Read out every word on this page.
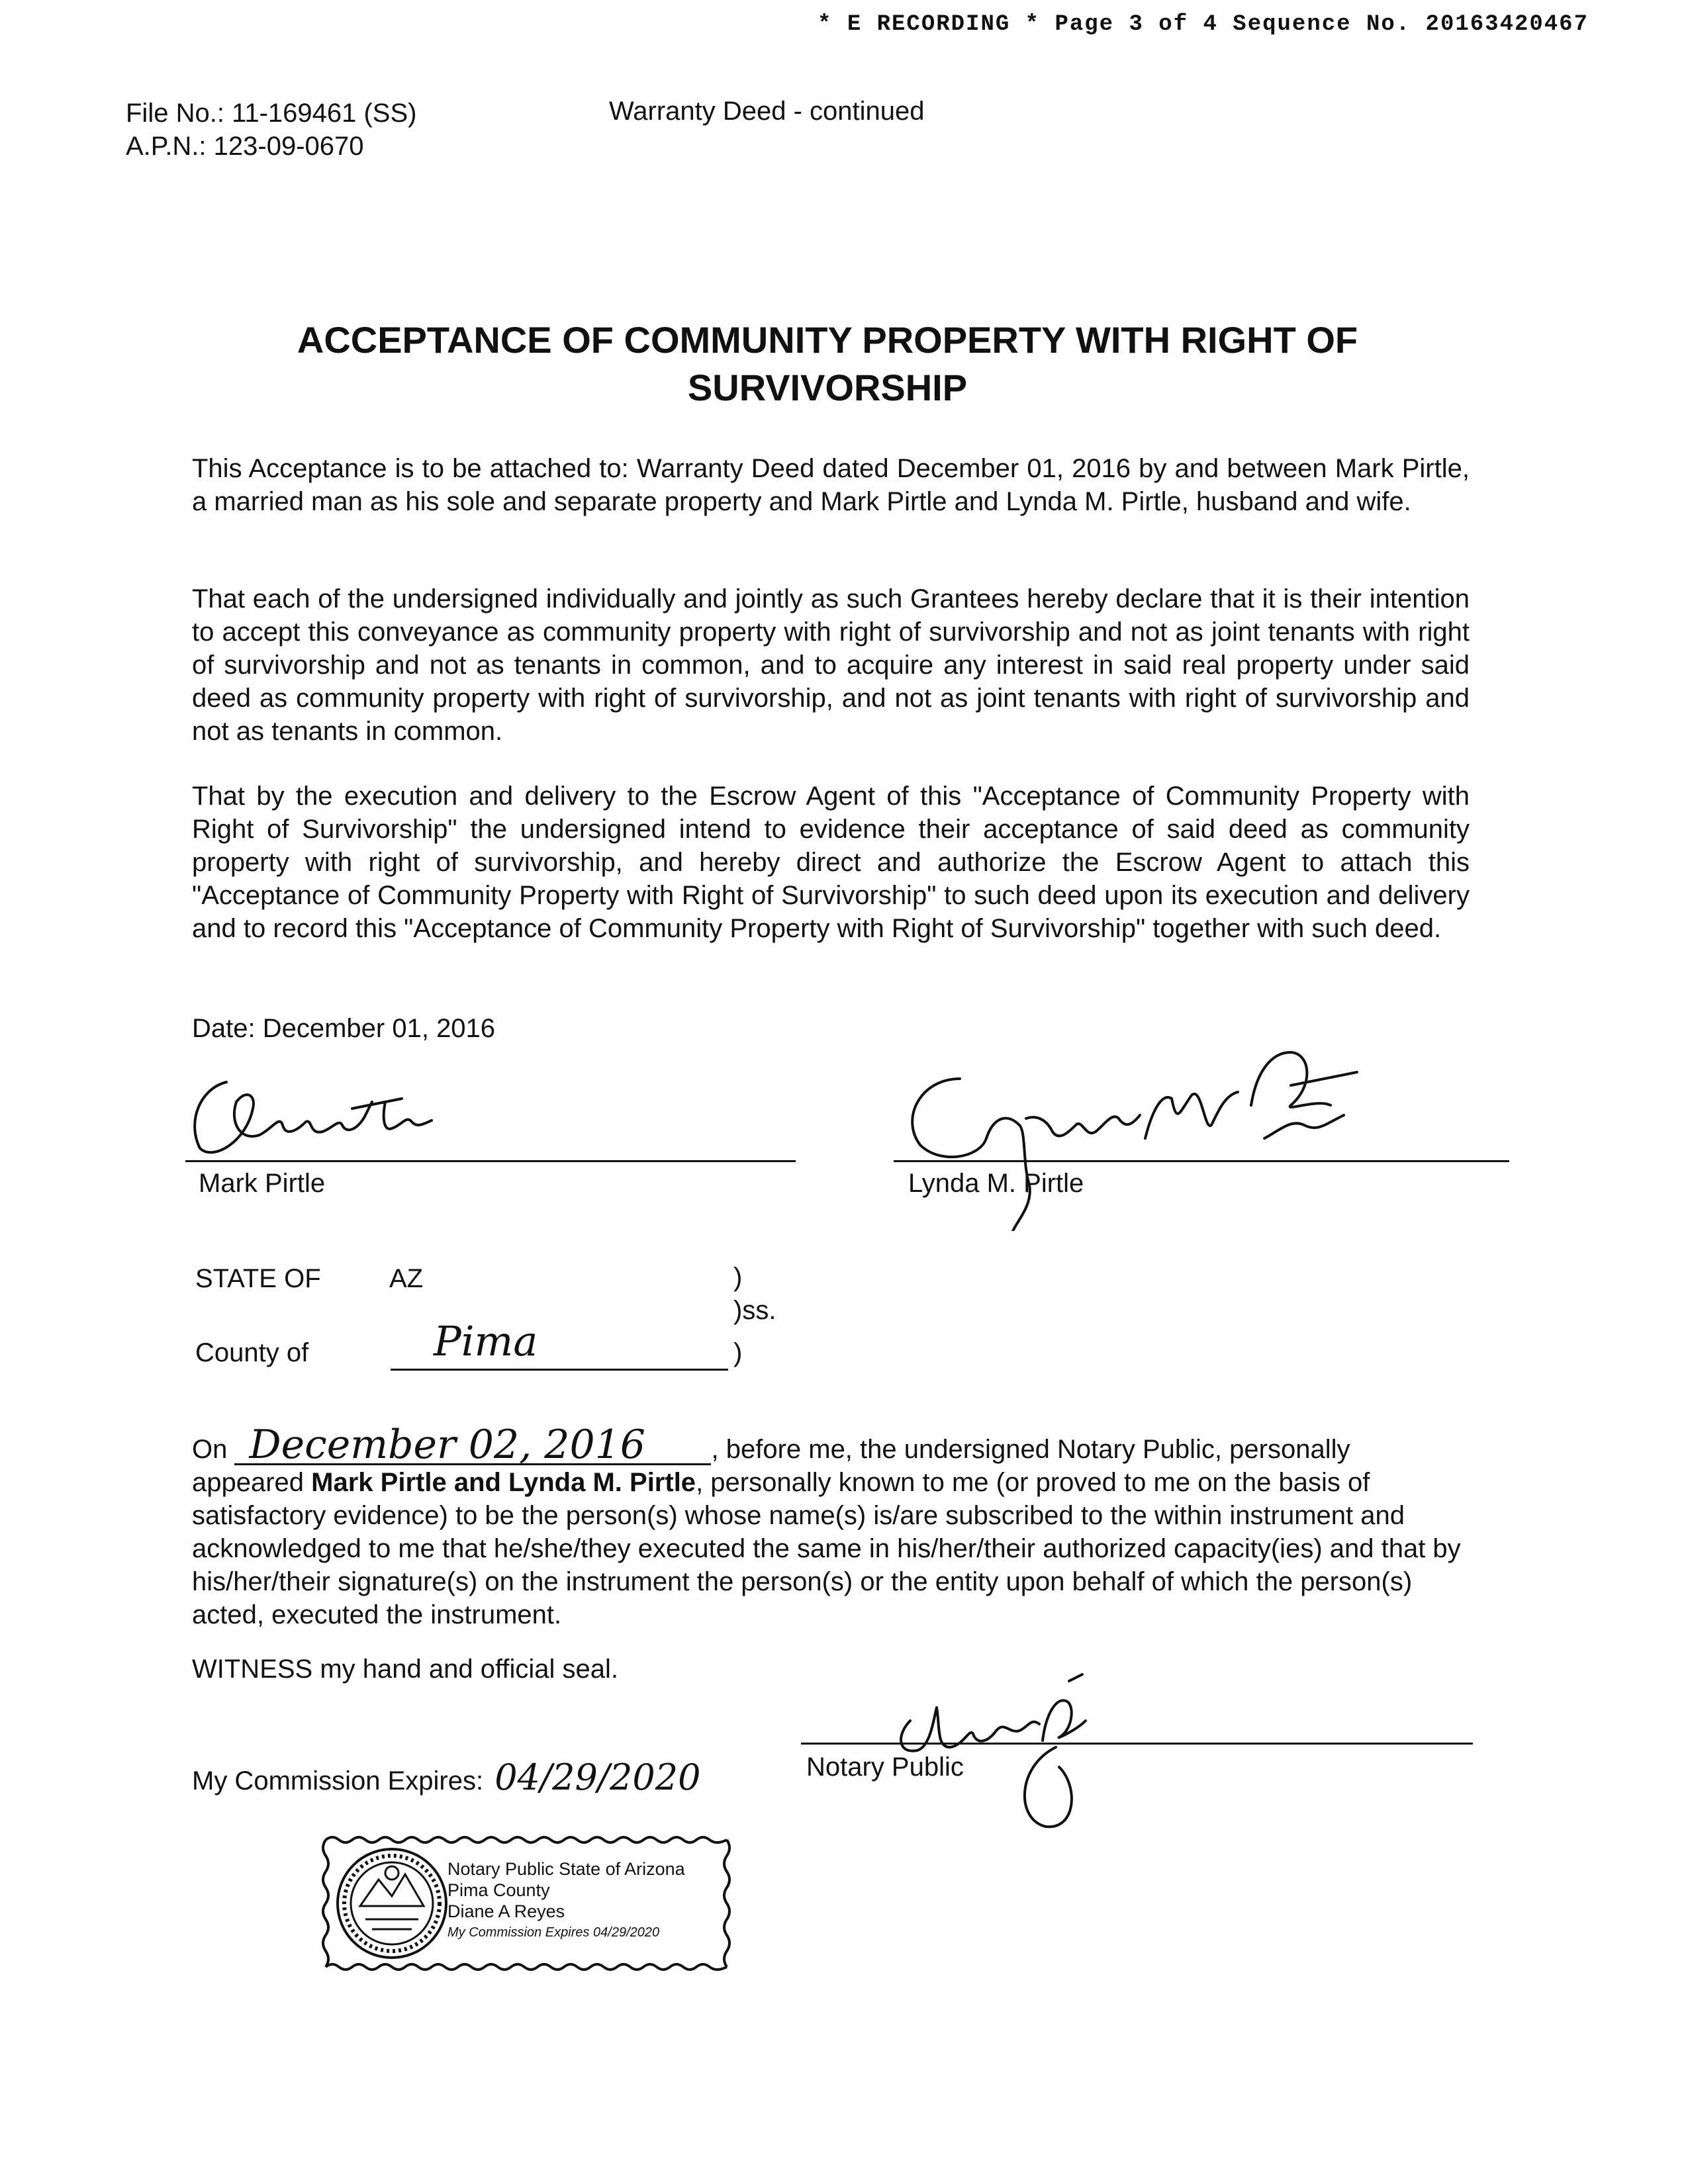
* E RECORDING * Page 3 of 4 Sequence No. 20163420467
File No.: 11-169461 (SS)
A.P.N.: 123-09-0670
Warranty Deed - continued
ACCEPTANCE OF COMMUNITY PROPERTY WITH RIGHT OF
SURVIVORSHIP
This Acceptance is to be attached to: Warranty Deed dated December 01, 2016 by and between Mark Pirtle, a married man as his sole and separate property and Mark Pirtle and Lynda M. Pirtle, husband and wife.
That each of the undersigned individually and jointly as such Grantees hereby declare that it is their intention to accept this conveyance as community property with right of survivorship and not as joint tenants with right of survivorship and not as tenants in common, and to acquire any interest in said real property under said deed as community property with right of survivorship, and not as joint tenants with right of survivorship and not as tenants in common.
That by the execution and delivery to the Escrow Agent of this "Acceptance of Community Property with Right of Survivorship" the undersigned intend to evidence their acceptance of said deed as community property with right of survivorship, and hereby direct and authorize the Escrow Agent to attach this "Acceptance of Community Property with Right of Survivorship" to such deed upon its execution and delivery and to record this "Acceptance of Community Property with Right of Survivorship" together with such deed.
Date: December 01, 2016
Mark Pirtle	Lynda M. Pirtle
STATE OF	AZ	)
)ss.
County of	Pima	)
On December 02, 2016 , before me, the undersigned Notary Public, personally
appeared Mark Pirtle and Lynda M. Pirtle, personally known to me (or proved to me on the basis of satisfactory evidence) to be the person(s) whose name(s) is/are subscribed to the within instrument and acknowledged to me that he/she/they executed the same in his/her/their authorized capacity(ies) and that by his/her/their signature(s) on the instrument the person(s) or the entity upon behalf of which the person(s) acted, executed the instrument.
WITNESS my hand and official seal.
My Commission Expires: 04/29/2020	Notary Public
Notary Public State of Arizona
Pima County
Diane A Reyes
My Commission Expires 04/29/2020
